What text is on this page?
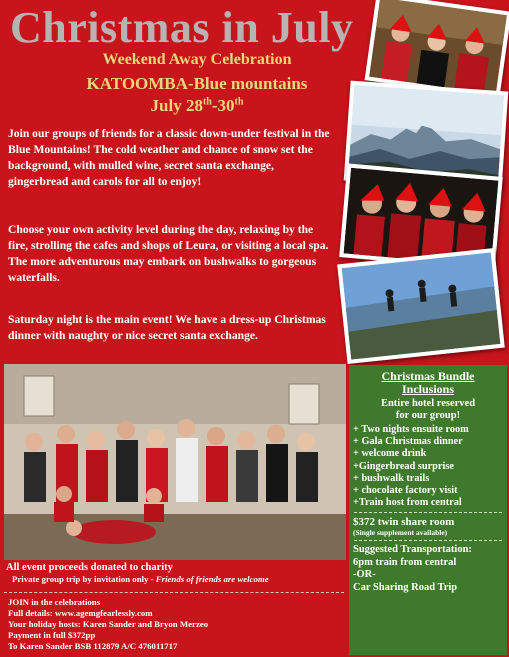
Christmas in July
Weekend Away Celebration
KATOOMBA-Blue mountains
July 28th-30th
Join our groups of friends for a classic down-under festival in the Blue Mountains! The cold weather and chance of snow set the background, with mulled wine, secret santa exchange, gingerbread and carols for all to enjoy!
Choose your own activity level during the day, relaxing by the fire, strolling the cafes and shops of Leura, or visiting a local spa. The more adventurous may embark on bushwalks to gorgeous waterfalls.
Saturday night is the main event! We have a dress-up Christmas dinner with naughty or nice secret santa exchange.
All event proceeds donated to charity
Private group trip by invitation only - Friends of friends are welcome
JOIN in the celebrations
Full details: www.agemgfearlessly.com
Your holiday hosts: Karen Sander and Bryon Merzeo
Payment in full $372pp
To Karen Sander BSB 112879 A/C 476011717
Christmas Bundle
Inclusions
Entire hotel reserved
for our group!
+ Two nights ensuite room
+ Gala Christmas dinner
+ welcome drink
+Gingerbread surprise
+ bushwalk trails
+ chocolate factory visit
+Train host from central
$372 twin share room
(Single supplement available)
Suggested Transportation:
6pm train from central
-OR-
Car Sharing Road Trip
